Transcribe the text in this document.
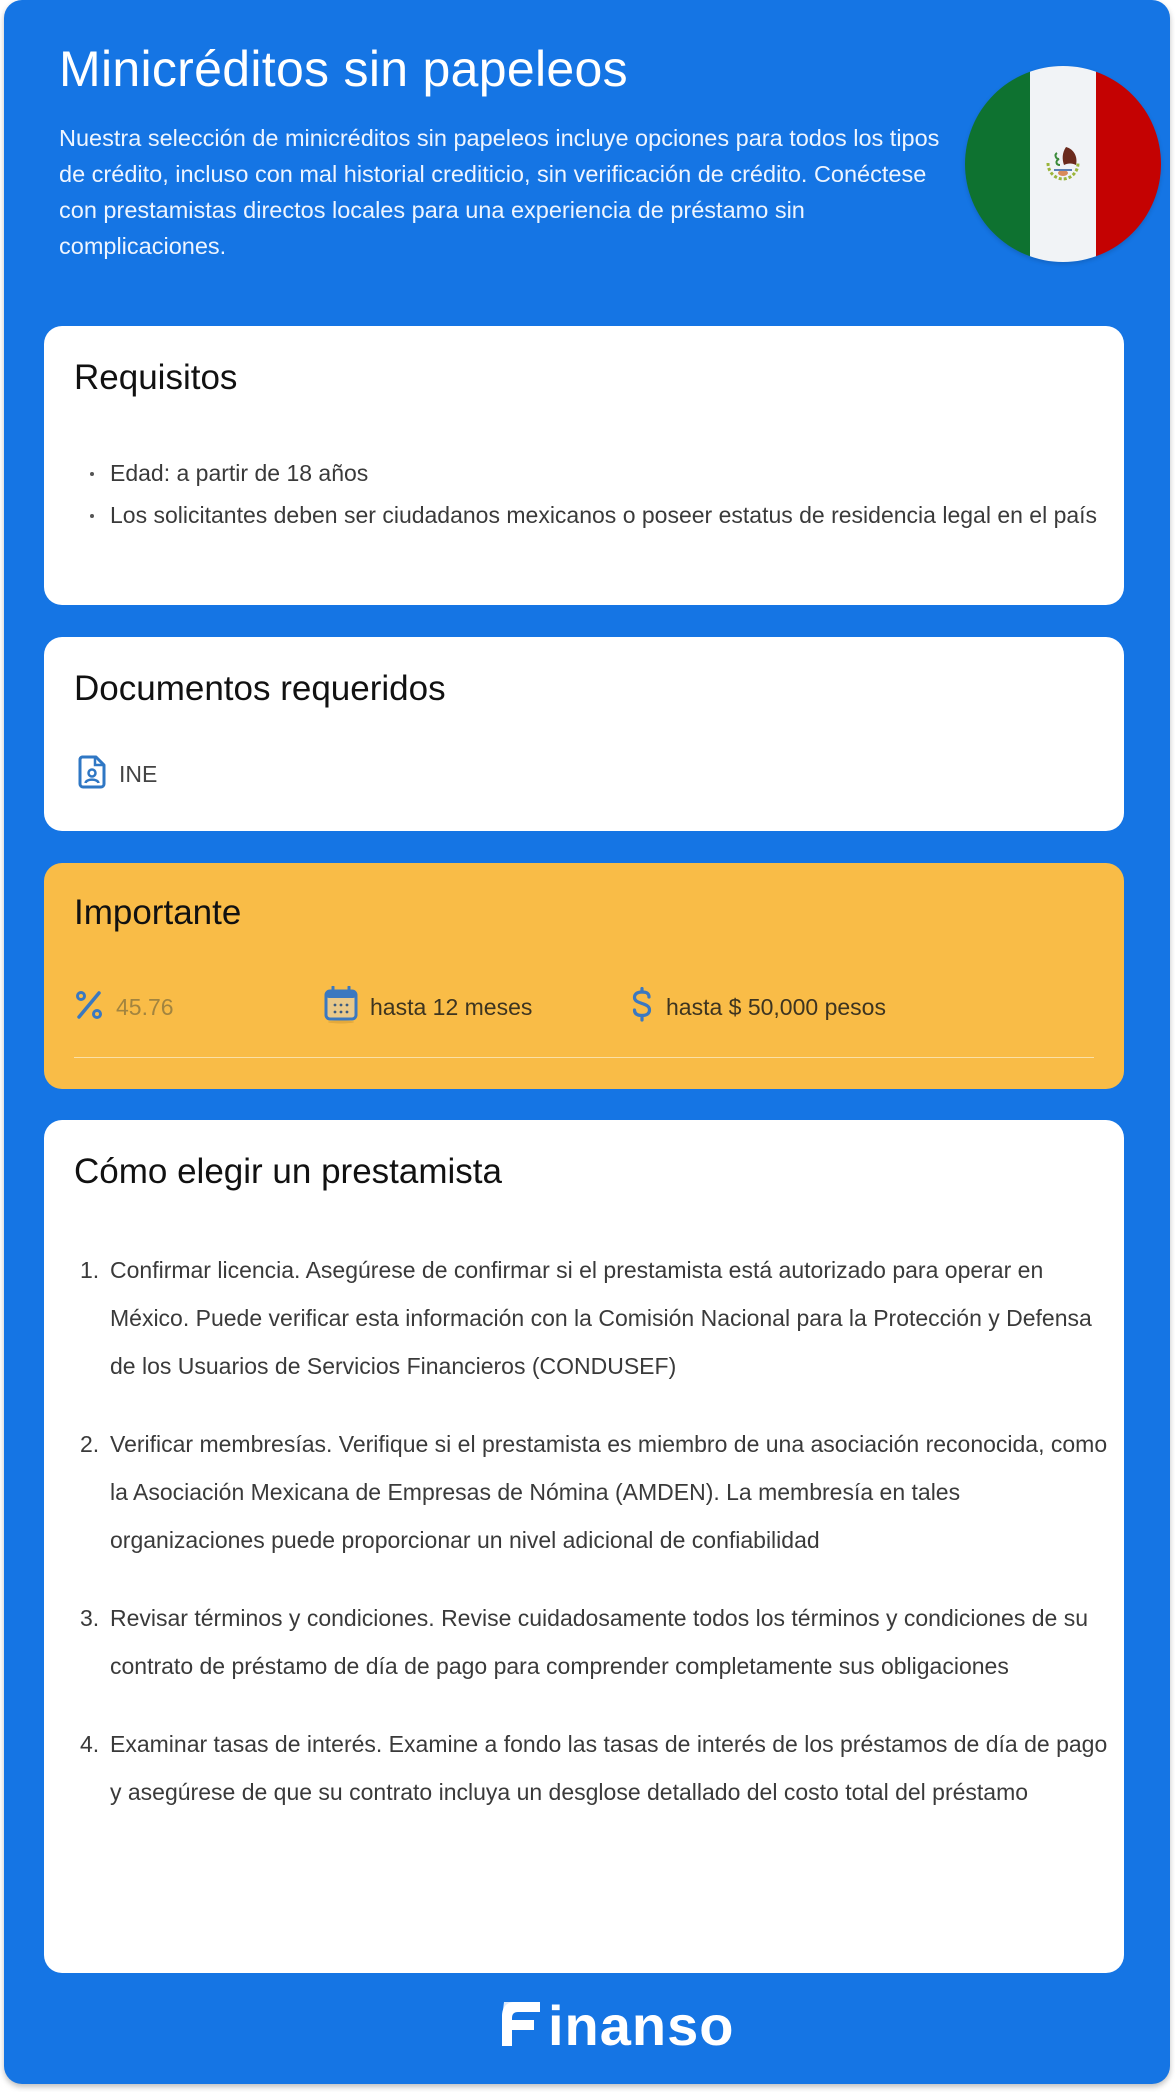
Minicréditos sin papeleos

Nuestra selección de minicréditos sin papeleos incluye opciones para todos los tipos de crédito, incluso con mal historial crediticio, sin verificación de crédito. Conéctese con prestamistas directos locales para una experiencia de préstamo sin complicaciones.

Requisitos
Edad: a partir de 18 años
Los solicitantes deben ser ciudadanos mexicanos o poseer estatus de residencia legal en el país
Documentos requeridos
INE
Importante
45.76	hasta 12 meses	hasta $ 50,000 pesos
Cómo elegir un prestamista
Confirmar licencia. Asegúrese de confirmar si el prestamista está autorizado para operar en México. Puede verificar esta información con la Comisión Nacional para la Protección y Defensa de los Usuarios de Servicios Financieros (CONDUSEF)
Verificar membresías. Verifique si el prestamista es miembro de una asociación reconocida, como la Asociación Mexicana de Empresas de Nómina (AMDEN). La membresía en tales organizaciones puede proporcionar un nivel adicional de confiabilidad
Revisar términos y condiciones. Revise cuidadosamente todos los términos y condiciones de su contrato de préstamo de día de pago para comprender completamente sus obligaciones
Examinar tasas de interés. Examine a fondo las tasas de interés de los préstamos de día de pago y asegúrese de que su contrato incluya un desglose detallado del costo total del préstamo
inanso
